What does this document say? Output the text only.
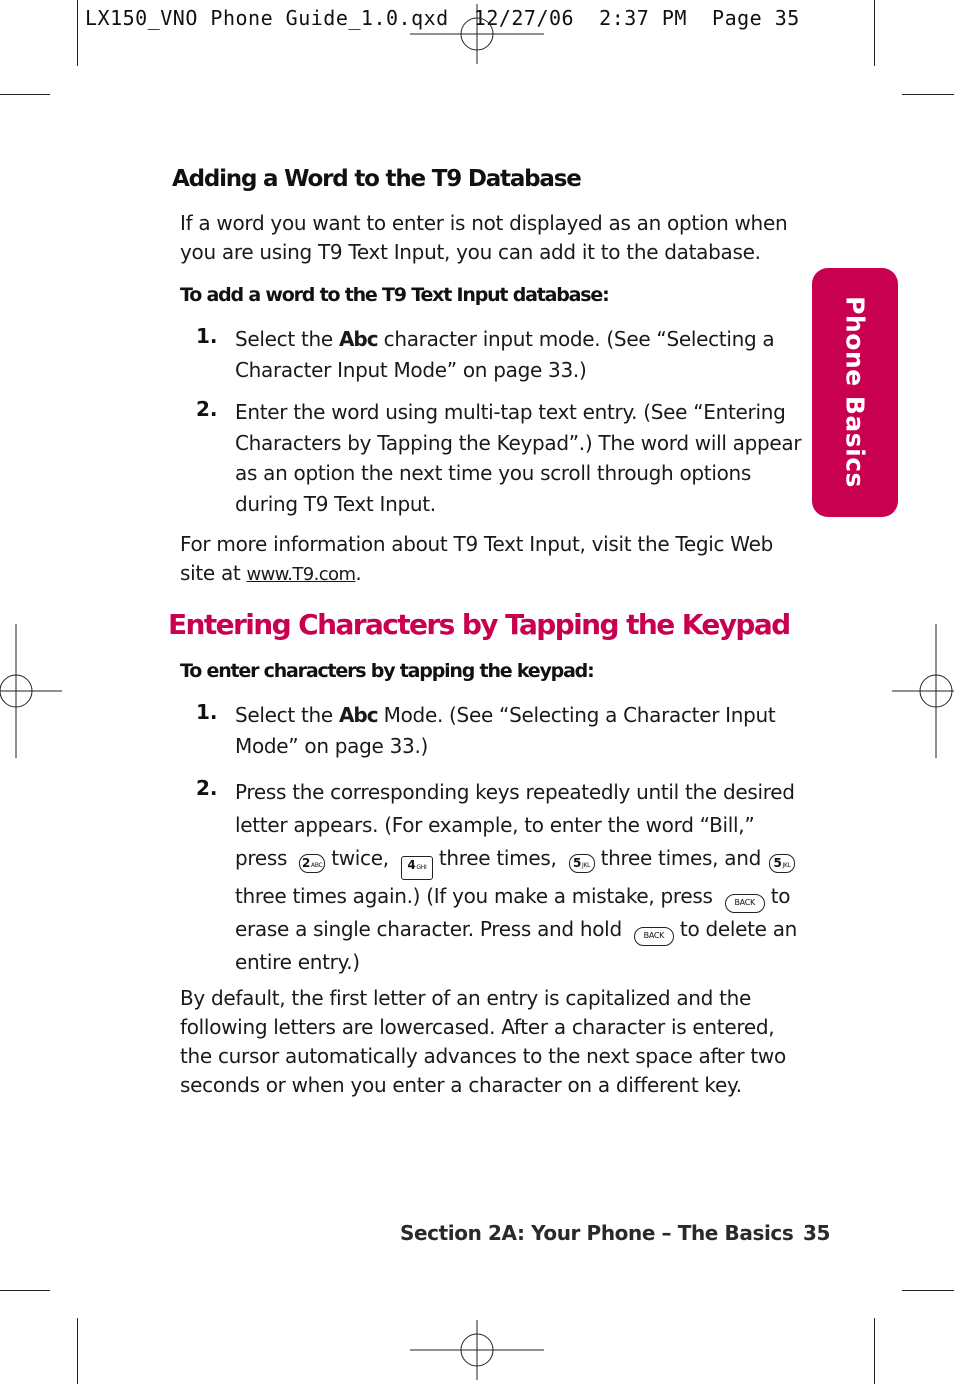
LX150_VNO Phone Guide_1.0.qxd  12/27/06  2:37 PM  Page 35
Phone Basics
Adding a Word to the T9 Database
If a word you want to enter is not displayed as an option when you are using T9 Text Input, you can add it to the database.
To add a word to the T9 Text Input database:
1. Select the Abc character input mode. (See “Selecting a Character Input Mode” on page 33.)
2. Enter the word using multi-tap text entry. (See “Entering Characters by Tapping the Keypad”.) The word will appear as an option the next time you scroll through options during T9 Text Input.
For more information about T9 Text Input, visit the Tegic Web site at www.T9.com.
Entering Characters by Tapping the Keypad
To enter characters by tapping the keypad:
1. Select the Abc Mode. (See “Selecting a Character Input Mode” on page 33.)
2. Press the corresponding keys repeatedly until the desired letter appears. (For example, to enter the word “Bill,” press 2ABC twice, 4GHI three times, 5JKL three times, and 5JKLthree times again.) (If you make a mistake, press	BACK to erase a single character. Press and hold	BACK to delete an entire entry.)
By default, the first letter of an entry is capitalized and the following letters are lowercased. After a character is entered, the cursor automatically advances to the next space after two seconds or when you enter a character on a different key.
Section 2A: Your Phone – The Basics 35
